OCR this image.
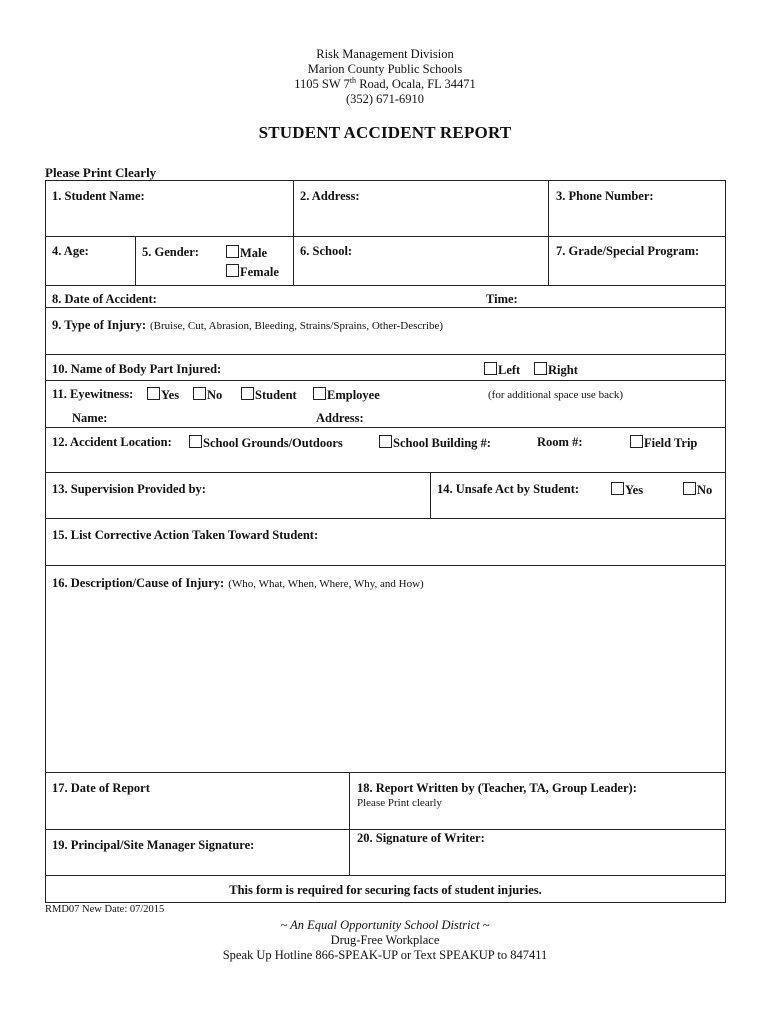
Risk Management Division
Marion County Public Schools
1105 SW 7th Road, Ocala, FL 34471
(352) 671-6910
STUDENT ACCIDENT REPORT
Please Print Clearly
1. Student Name:	2. Address:	3. Phone Number:
4. Age:	5. Gender:	Male
Female
6. School:	7. Grade/Special Program:
8. Date of Accident:	Time:
9. Type of Injury: (Bruise, Cut, Abrasion, Bleeding, Strains/Sprains, Other-Describe)
10. Name of Body Part Injured:	Left	Right
11. Eyewitness:	Yes	No	Student	Employee	(for additional space use back)
Name:	Address:
12. Accident Location:	School Grounds/Outdoors	School Building #:	Room #:	Field Trip
13. Supervision Provided by:	14. Unsafe Act by Student:	Yes	No
15. List Corrective Action Taken Toward Student:
16. Description/Cause of Injury: (Who, What, When, Where, Why, and How)
17. Date of Report	18. Report Written by (Teacher, TA, Group Leader):
Please Print clearly
19. Principal/Site Manager Signature:	20. Signature of Writer:
This form is required for securing facts of student injuries.
RMD07 New Date: 07/2015
~ An Equal Opportunity School District ~
Drug-Free Workplace
Speak Up Hotline 866-SPEAK-UP or Text SPEAKUP to 847411
